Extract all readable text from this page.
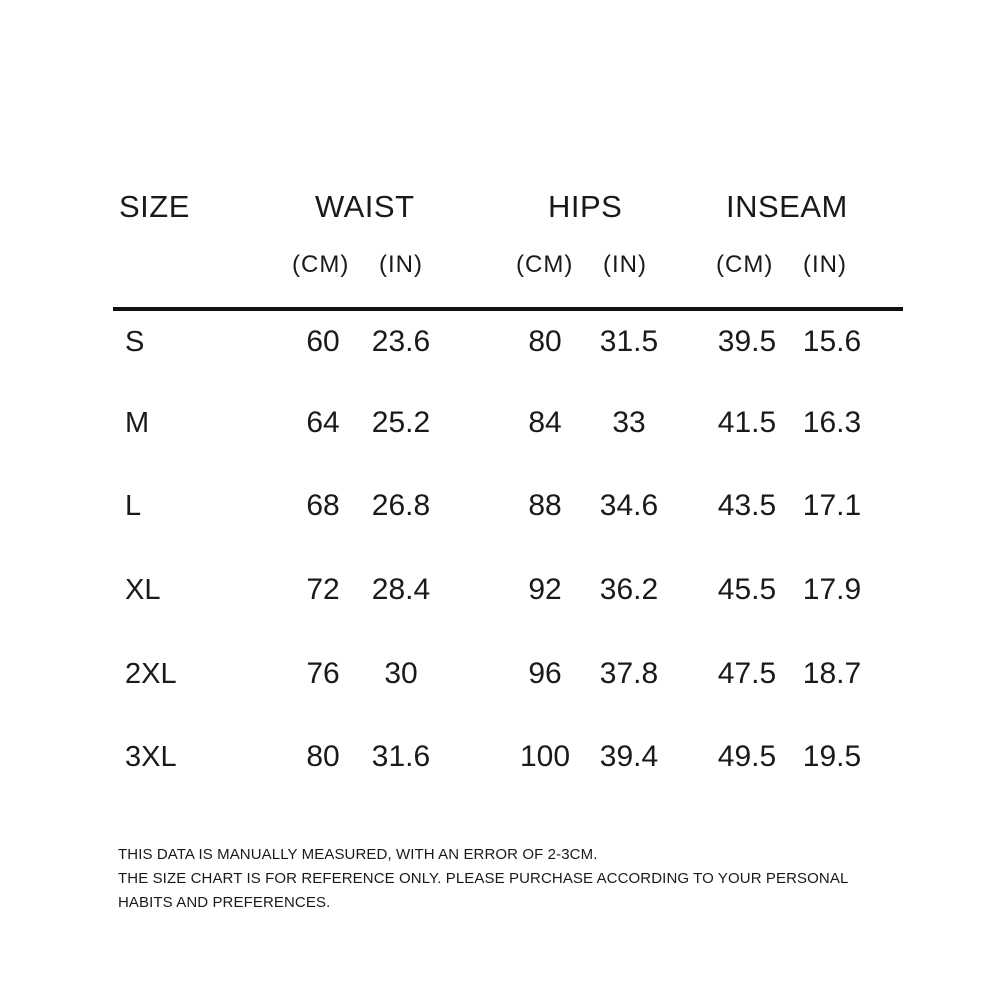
SIZE	WAIST	HIPS	INSEAM
(CM) (IN)	(CM) (IN)	(CM) (IN)
S	60	23.6	80	31.5	39.5 15.6
M	64	25.2	84	33	41.5 16.3
L	68	26.8	88	34.6	43.5 17.1
XL	72	28.4	92	36.2	45.5 17.9
2XL	76	30	96	37.8	47.5 18.7
3XL	80	31.6	100 39.4	49.5 19.5
THIS DATA IS MANUALLY MEASURED, WITH AN ERROR OF 2-3CM.
THE SIZE CHART IS FOR REFERENCE ONLY. PLEASE PURCHASE ACCORDING TO YOUR PERSONAL
HABITS AND PREFERENCES.
